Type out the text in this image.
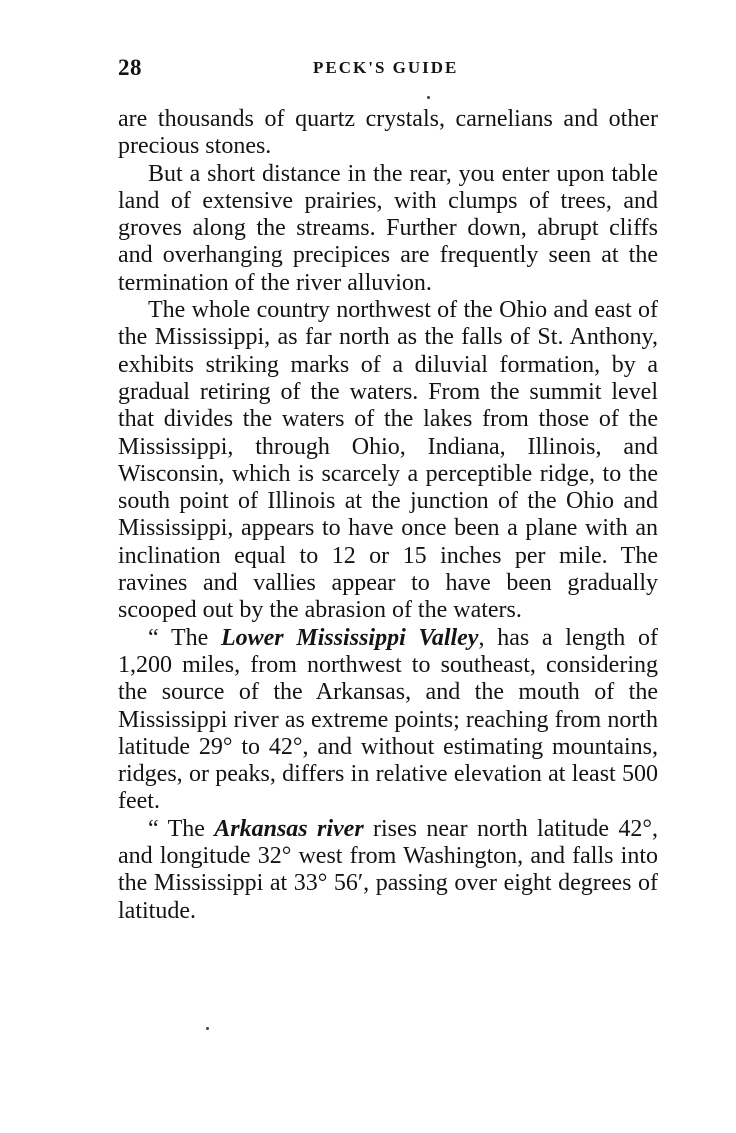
28	PECK'S GUIDE

are thousands of quartz crystals, carnelians and other precious stones.

But a short distance in the rear, you enter upon table land of extensive prairies, with clumps of trees, and groves along the streams. Further down, abrupt cliffs and overhanging precipices are frequently seen at the termination of the river alluvion.

The whole country northwest of the Ohio and east of the Mississippi, as far north as the falls of St. Anthony, exhibits striking marks of a diluvial formation, by a gradual retiring of the waters. From the summit level that divides the waters of the lakes from those of the Mississippi, through Ohio, Indiana, Illinois, and Wisconsin, which is scarcely a perceptible ridge, to the south point of Illinois at the junction of the Ohio and Mississippi, appears to have once been a plane with an inclination equal to 12 or 15 inches per mile. The ravines and vallies appear to have been gradually scooped out by the abrasion of the waters.

“ The Lower Mississippi Valley, has a length of 1,200 miles, from northwest to southeast, considering the source of the Arkansas, and the mouth of the Mississippi river as extreme points; reaching from north latitude 29° to 42°, and without estimating mountains, ridges, or peaks, differs in relative elevation at least 500 feet.

“ The Arkansas river rises near north latitude 42°, and longitude 32° west from Washington, and falls into the Mississippi at 33° 56′, passing over eight degrees of latitude.
